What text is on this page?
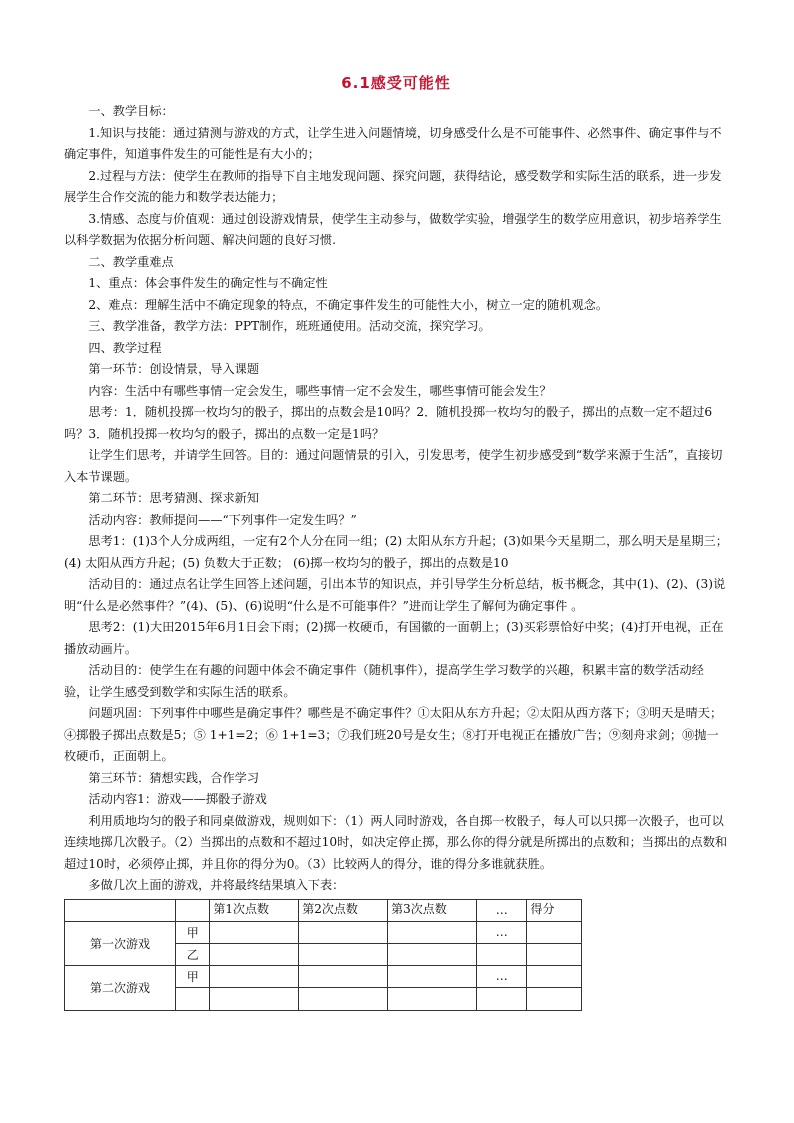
6.1感受可能性

一、教学目标：

1.知识与技能：通过猜测与游戏的方式，让学生进入问题情境，切身感受什么是不可能事件、必然事件、确定事件与不确定事件，知道事件发生的可能性是有大小的；

2.过程与方法：使学生在教师的指导下自主地发现问题、探究问题，获得结论，感受数学和实际生活的联系，进一步发展学生合作交流的能力和数学表达能力；

3.情感、态度与价值观：通过创设游戏情景，使学生主动参与，做数学实验，增强学生的数学应用意识，初步培养学生以科学数据为依据分析问题、解决问题的良好习惯.

二、教学重难点

1、重点：体会事件发生的确定性与不确定性

2、难点：理解生活中不确定现象的特点，不确定事件发生的可能性大小，树立一定的随机观念。

三、教学准备，教学方法：PPT制作，班班通使用。活动交流，探究学习。

四、教学过程

第一环节：创设情景，导入课题

内容：生活中有哪些事情一定会发生，哪些事情一定不会发生，哪些事情可能会发生？

思考：1．随机投掷一枚均匀的骰子，掷出的点数会是10吗？2．随机投掷一枚均匀的骰子，掷出的点数一定不超过6吗？3．随机投掷一枚均匀的骰子，掷出的点数一定是1吗？

让学生们思考，并请学生回答。目的：通过问题情景的引入，引发思考，使学生初步感受到“数学来源于生活”，直接切入本节课题。

第二环节：思考猜测、探求新知

活动内容：教师提问——“下列事件一定发生吗？”

思考1：(1)3个人分成两组，一定有2个人分在同一组；(2) 太阳从东方升起；(3)如果今天星期二，那么明天是星期三；(4) 太阳从西方升起；(5) 负数大于正数； (6)掷一枚均匀的骰子，掷出的点数是10

活动目的：通过点名让学生回答上述问题，引出本节的知识点，并引导学生分析总结，板书概念，其中(1)、(2)、(3)说明“什么是必然事件？”(4)、(5)、(6)说明“什么是不可能事件？”进而让学生了解何为确定事件 。

思考2：(1)大田2015年6月1日会下雨；(2)掷一枚硬币，有国徽的一面朝上；(3)买彩票恰好中奖；(4)打开电视，正在播放动画片。

活动目的：使学生在有趣的问题中体会不确定事件（随机事件），提高学生学习数学的兴趣，积累丰富的数学活动经验，让学生感受到数学和实际生活的联系。

问题巩固：下列事件中哪些是确定事件？哪些是不确定事件？①太阳从东方升起；②太阳从西方落下；③明天是晴天；④掷骰子掷出点数是5；⑤ 1+1=2；⑥ 1+1=3；⑦我们班20号是女生；⑧打开电视正在播放广告；⑨刻舟求剑；⑩抛一枚硬币，正面朝上。

第三环节：猜想实践，合作学习

活动内容1：游戏——掷骰子游戏

利用质地均匀的骰子和同桌做游戏，规则如下：（1）两人同时游戏，各自掷一枚骰子，每人可以只掷一次骰子，也可以连续地掷几次骰子。（2）当掷出的点数和不超过10时，如决定停止掷，那么你的得分就是所掷出的点数和；当掷出的点数和超过10时，必须停止掷，并且你的得分为0。（3）比较两人的得分，谁的得分多谁就获胜。

多做几次上面的游戏，并将最终结果填入下表：

		第1次点数	第2次点数	第3次点数	…	得分
第一次游戏	甲				…	
	乙					
第二次游戏	甲				…	
